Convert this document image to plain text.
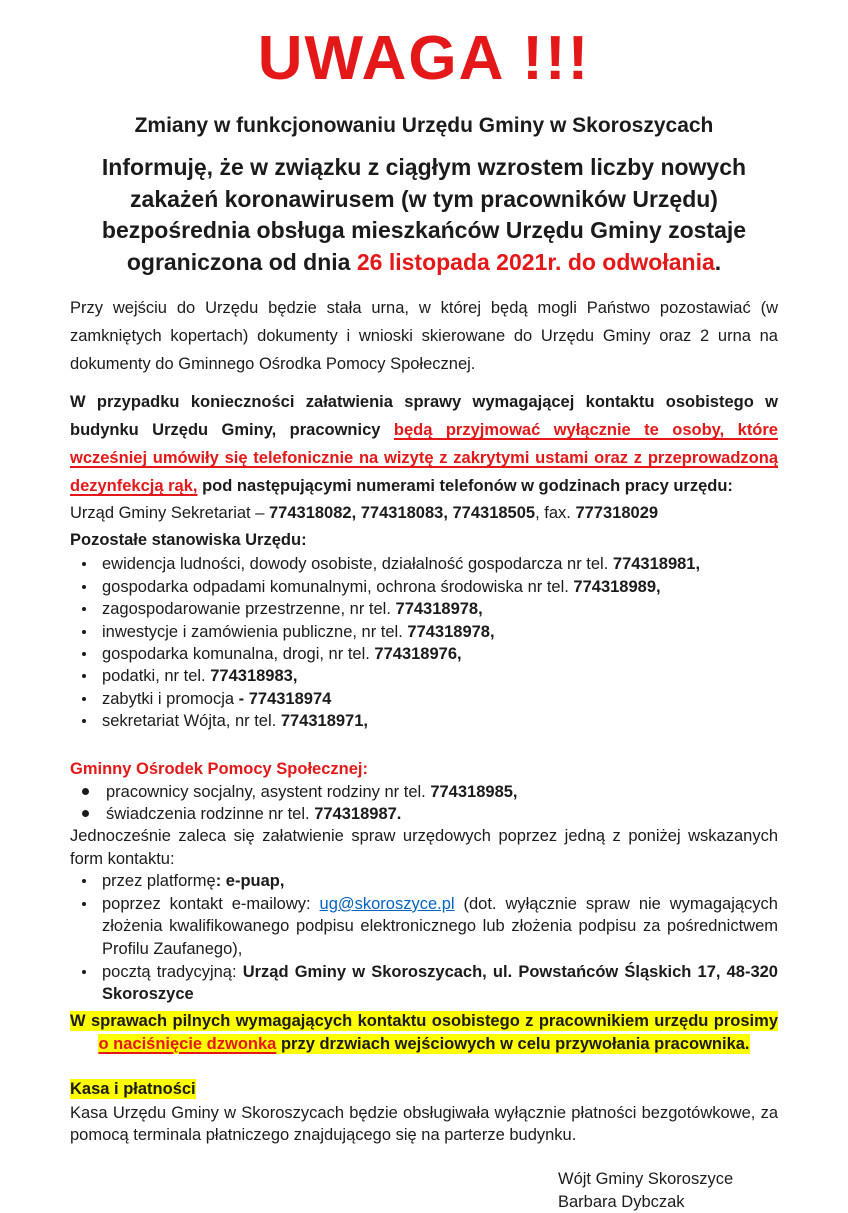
UWAGA !!!
Zmiany w funkcjonowaniu Urzędu Gminy w Skoroszycach

Informuję, że w związku z ciągłym wzrostem liczby nowych zakażeń koronawirusem (w tym pracowników Urzędu) bezpośrednia obsługa mieszkańców Urzędu Gminy zostaje ograniczona od dnia 26 listopada 2021r. do odwołania.

Przy wejściu do Urzędu będzie stała urna, w której będą mogli Państwo pozostawiać (w zamkniętych kopertach) dokumenty i wnioski skierowane do Urzędu Gminy oraz 2 urna na dokumenty do Gminnego Ośrodka Pomocy Społecznej.

W przypadku konieczności załatwienia sprawy wymagającej kontaktu osobistego w budynku Urzędu Gminy, pracownicy będą przyjmować wyłącznie te osoby, które wcześniej umówiły się telefonicznie na wizytę z zakrytymi ustami oraz z przeprowadzoną dezynfekcją rąk, pod następującymi numerami telefonów w godzinach pracy urzędu:

Urząd Gminy Sekretariat – 774318082, 774318083, 774318505, fax. 777318029

Pozostałe stanowiska Urzędu:

ewidencja ludności, dowody osobiste, działalność gospodarcza nr tel. 774318981,
gospodarka odpadami komunalnymi, ochrona środowiska nr tel. 774318989,
zagospodarowanie przestrzenne, nr tel. 774318978,
inwestycje i zamówienia publiczne, nr tel. 774318978,
gospodarka komunalna, drogi, nr tel. 774318976,
podatki, nr tel. 774318983,
zabytki i promocja - 774318974
sekretariat Wójta, nr tel. 774318971,

Gminny Ośrodek Pomocy Społecznej:

pracownicy socjalny, asystent rodziny nr tel. 774318985,
świadczenia rodzinne nr tel. 774318987.

Jednocześnie zaleca się załatwienie spraw urzędowych poprzez jedną z poniżej wskazanych form kontaktu:

przez platformę: e-puap,
poprzez kontakt e-mailowy: ug@skoroszyce.pl (dot. wyłącznie spraw nie wymagających złożenia kwalifikowanego podpisu elektronicznego lub złożenia podpisu za pośrednictwem Profilu Zaufanego),
pocztą tradycyjną: Urząd Gminy w Skoroszycach, ul. Powstańców Śląskich 17, 48-320 Skoroszyce

W sprawach pilnych wymagających kontaktu osobistego z pracownikiem urzędu prosimy o naciśnięcie dzwonka przy drzwiach wejściowych w celu przywołania pracownika.

Kasa i płatności

Kasa Urzędu Gminy w Skoroszycach będzie obsługiwała wyłącznie płatności bezgotówkowe, za pomocą terminala płatniczego znajdującego się na parterze budynku.

Wójt Gminy Skoroszyce
Barbara Dybczak
